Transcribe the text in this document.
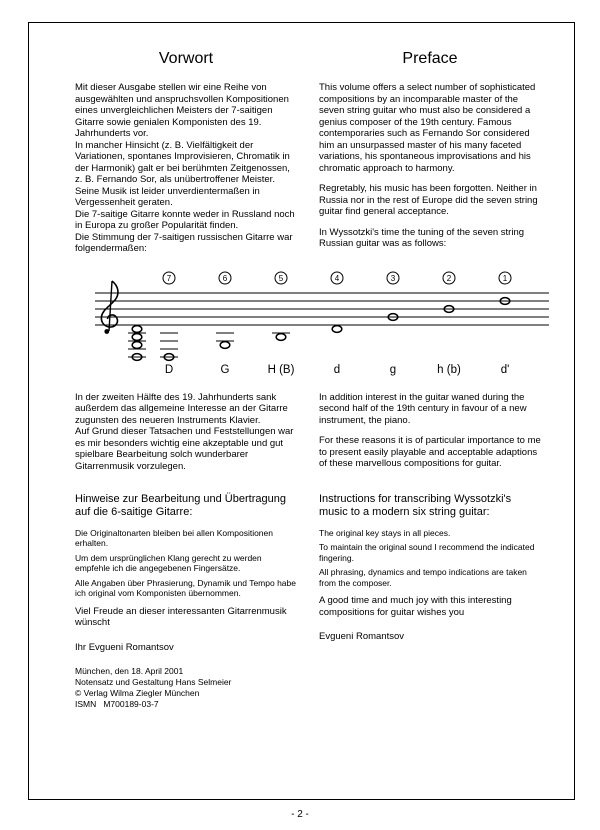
Vorwort

Mit dieser Ausgabe stellen wir eine Reihe von ausgewählten und anspruchsvollen Kompositionen eines unvergleichlichen Meisters der 7-saitigen Gitarre sowie genialen Komponisten des 19. Jahrhunderts vor.

In mancher Hinsicht (z. B. Vielfältigkeit der Variationen, spontanes Improvisieren, Chromatik in der Harmonik) galt er bei berühmten Zeitgenossen, z. B. Fernando Sor, als unübertroffener Meister.

Seine Musik ist leider unverdientermaßen in Vergessenheit geraten.

Die 7-saitige Gitarre konnte weder in Russland noch in Europa zu großer Popularität finden.

Die Stimmung der 7-saitigen russischen Gitarre war folgendermaßen:

Preface

This volume offers a select number of sophisticated compositions by an incomparable master of the seven string guitar who must also be considered a genius composer of the 19th century. Famous contemporaries such as Fernando Sor considered him an unsurpassed master of his many faceted variations, his spontaneous improvisations and his chromatic approach to harmony.

Regretably, his music has been forgotten. Neither in Russia nor in the rest of Europe did the seven string guitar find general acceptance.

In Wyssotzki's time the tuning of the seven string Russian guitar was as follows:

7	6	5	4	3	2	1
D	G	H (B)	d	g	h (b)	d'

In der zweiten Hälfte des 19. Jahrhunderts sank außerdem das allgemeine Interesse an der Gitarre zugunsten des neueren Instruments Klavier.

Auf Grund dieser Tatsachen und Feststellungen war es mir besonders wichtig eine akzeptable und gut spielbare Bearbeitung solch wunderbarer Gitarrenmusik vorzulegen.

In addition interest in the guitar waned during the second half of the 19th century in favour of a new instrument, the piano.

For these reasons it is of particular importance to me to present easily playable and acceptable adaptions of these marvellous compositions for guitar.

Hinweise zur Bearbeitung und Übertragung auf die 6-saitige Gitarre:

Die Originaltonarten bleiben bei allen Kompositionen erhalten.

Um dem ursprünglichen Klang gerecht zu werden empfehle ich die angegebenen Fingersätze.

Alle Angaben über Phrasierung, Dynamik und Tempo habe ich original vom Komponisten übernommen.

Viel Freude an dieser interessanten Gitarrenmusik wünscht

Ihr Evgueni Romantsov

München, den 18. April 2001

Notensatz und Gestaltung Hans Selmeier

© Verlag Wilma Ziegler München

ISMN   M700189-03-7

Instructions for transcribing Wyssotzki's music to a modern six string guitar:

The original key stays in all pieces.

To maintain the original sound I recommend the indicated fingering.

All phrasing, dynamics and tempo indications are taken from the composer.

A good time and much joy with this interesting compositions for guitar wishes you

Evgueni Romantsov

- 2 -
